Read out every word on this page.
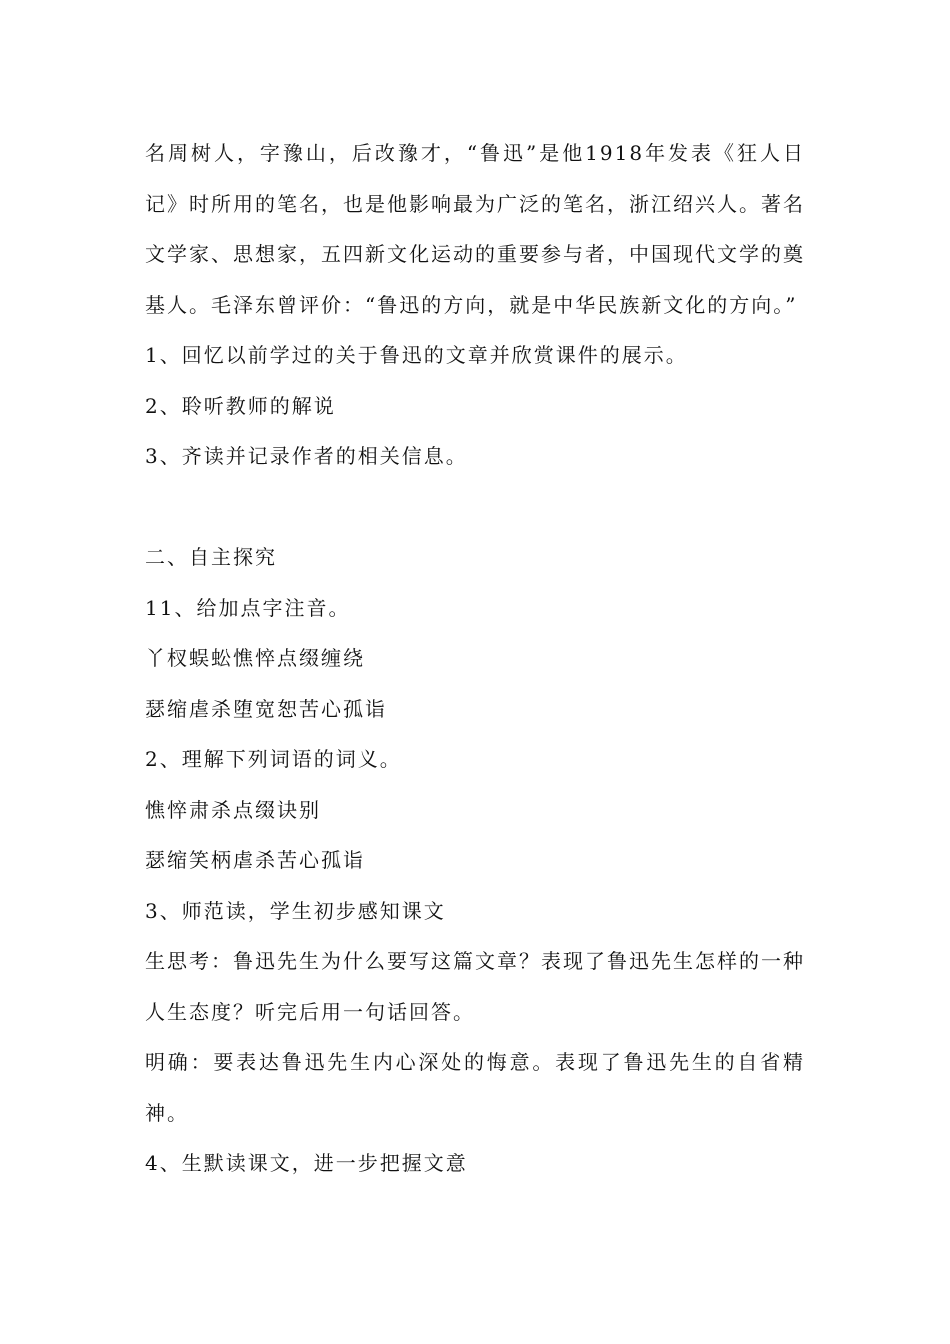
名周树人，字豫山，后改豫才，“鲁迅”是他1918年发表《狂人日记》时所用的笔名，也是他影响最为广泛的笔名，浙江绍兴人。著名文学家、思想家，五四新文化运动的重要参与者，中国现代文学的奠基人。毛泽东曾评价：“鲁迅的方向，就是中华民族新文化的方向。”

1、回忆以前学过的关于鲁迅的文章并欣赏课件的展示。

2、聆听教师的解说

3、齐读并记录作者的相关信息。

二、自主探究

11、给加点字注音。

丫杈蜈蚣憔悴点缀缠绕

瑟缩虐杀堕宽恕苦心孤诣

2、理解下列词语的词义。

憔悴肃杀点缀诀别

瑟缩笑柄虐杀苦心孤诣

3、师范读，学生初步感知课文

生思考：鲁迅先生为什么要写这篇文章？表现了鲁迅先生怎样的一种人生态度？听完后用一句话回答。

明确：要表达鲁迅先生内心深处的悔意。表现了鲁迅先生的自省精神。

4、生默读课文，进一步把握文意
